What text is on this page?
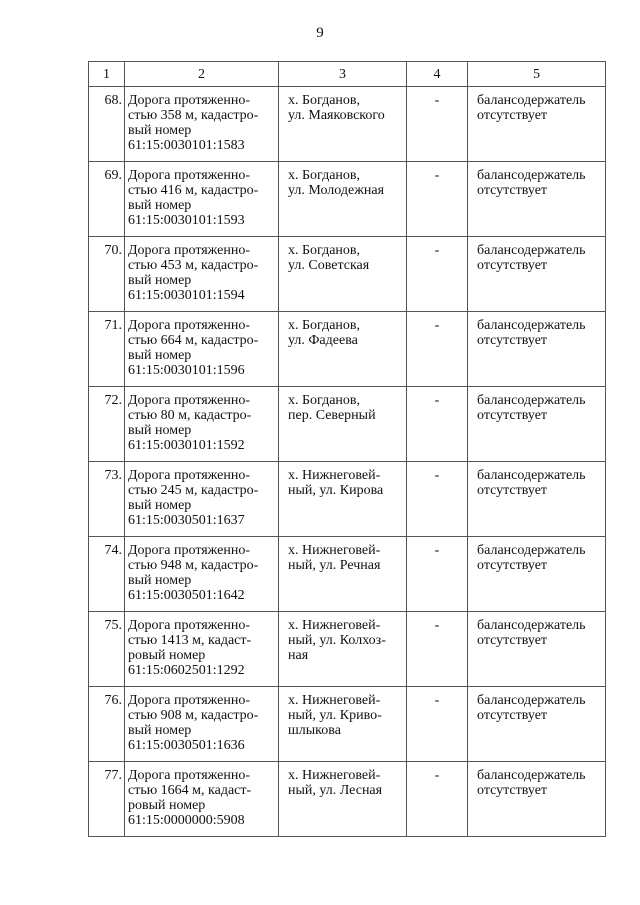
9
1	2	3	4	5
68.	Дорога протяженно-
стью 358 м, кадастро-
вый номер
61:15:0030101:1583	х. Богданов,
ул. Маяковского	-	балансодержатель
отсутствует

69.	Дорога протяженно-
стью 416 м, кадастро-
вый номер
61:15:0030101:1593	х. Богданов,
ул. Молодежная	-	балансодержатель
отсутствует

70.	Дорога протяженно-
стью 453 м, кадастро-
вый номер
61:15:0030101:1594	х. Богданов,
ул. Советская	-	балансодержатель
отсутствует

71.	Дорога протяженно-
стью 664 м, кадастро-
вый номер
61:15:0030101:1596	х. Богданов,
ул. Фадеева	-	балансодержатель
отсутствует

72.	Дорога протяженно-
стью 80 м, кадастро-
вый номер
61:15:0030101:1592	х. Богданов,
пер. Северный	-	балансодержатель
отсутствует

73.	Дорога протяженно-
стью 245 м, кадастро-
вый номер
61:15:0030501:1637	х. Нижнеговей-
ный, ул. Кирова	-	балансодержатель
отсутствует

74.	Дорога протяженно-
стью 948 м, кадастро-
вый номер
61:15:0030501:1642	х. Нижнеговей-
ный, ул. Речная	-	балансодержатель
отсутствует

75.	Дорога протяженно-
стью 1413 м, кадаст-
ровый номер
61:15:0602501:1292	х. Нижнеговей-
ный, ул. Колхоз-
ная	-	балансодержатель
отсутствует

76.	Дорога протяженно-
стью 908 м, кадастро-
вый номер
61:15:0030501:1636	х. Нижнеговей-
ный, ул. Криво-
шлыкова	-	балансодержатель
отсутствует

77.	Дорога протяженно-
стью 1664 м, кадаст-
ровый номер
61:15:0000000:5908	х. Нижнеговей-
ный, ул. Лесная	-	балансодержатель
отсутствует
